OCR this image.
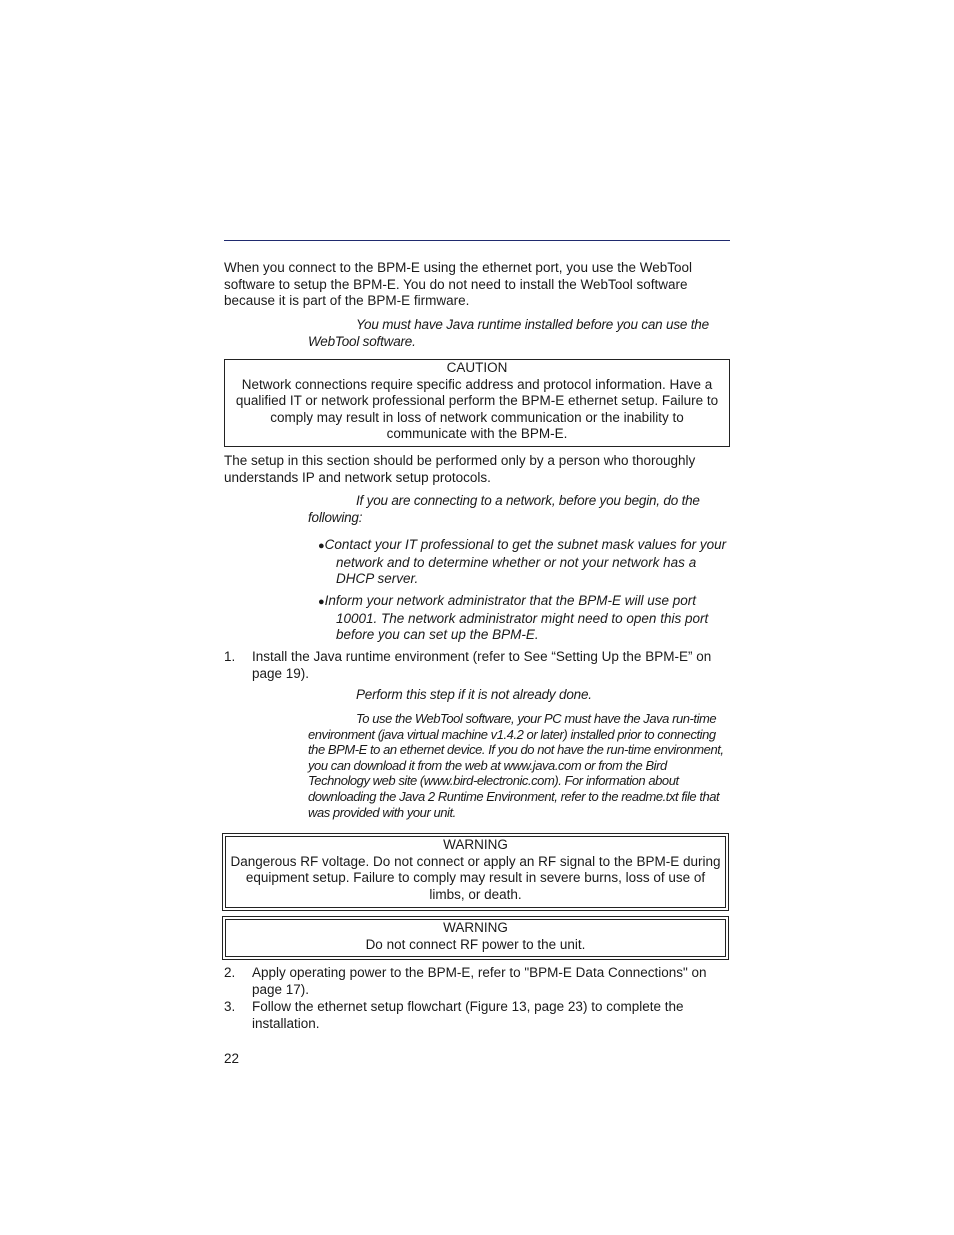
When you connect to the BPM-E using the ethernet port, you use the WebTool software to setup the BPM-E. You do not need to install the WebTool software because it is part of the BPM-E firmware.
You must have Java runtime installed before you can use the WebTool software.
CAUTION
Network connections require specific address and protocol information. Have a qualified IT or network professional perform the BPM-E ethernet setup. Failure to comply may result in loss of network communication or the inability to communicate with the BPM-E.
The setup in this section should be performed only by a person who thoroughly understands IP and network setup protocols.
If you are connecting to a network, before you begin, do the following:
●Contact your IT professional to get the subnet mask values for your network and to determine whether or not your network has a DHCP server.
●Inform your network administrator that the BPM-E will use port 10001. The network administrator might need to open this port before you can set up the BPM-E.
1. Install the Java runtime environment (refer to See “Setting Up the BPM-E” on page 19).
Perform this step if it is not already done.
To use the WebTool software, your PC must have the Java run-time environment (java virtual machine v1.4.2 or later) installed prior to connecting the BPM-E to an ethernet device. If you do not have the run-time environment, you can download it from the web at www.java.com or from the Bird Technology web site (www.bird-electronic.com). For information about downloading the Java 2 Runtime Environment, refer to the readme.txt file that was provided with your unit.
WARNING
Dangerous RF voltage. Do not connect or apply an RF signal to the BPM-E during equipment setup. Failure to comply may result in severe burns, loss of use of limbs, or death.
WARNING
Do not connect RF power to the unit.
2. Apply operating power to the BPM-E, refer to "BPM-E Data Connections" on page 17).
3. Follow the ethernet setup flowchart (Figure 13, page 23) to complete the installation.
22
